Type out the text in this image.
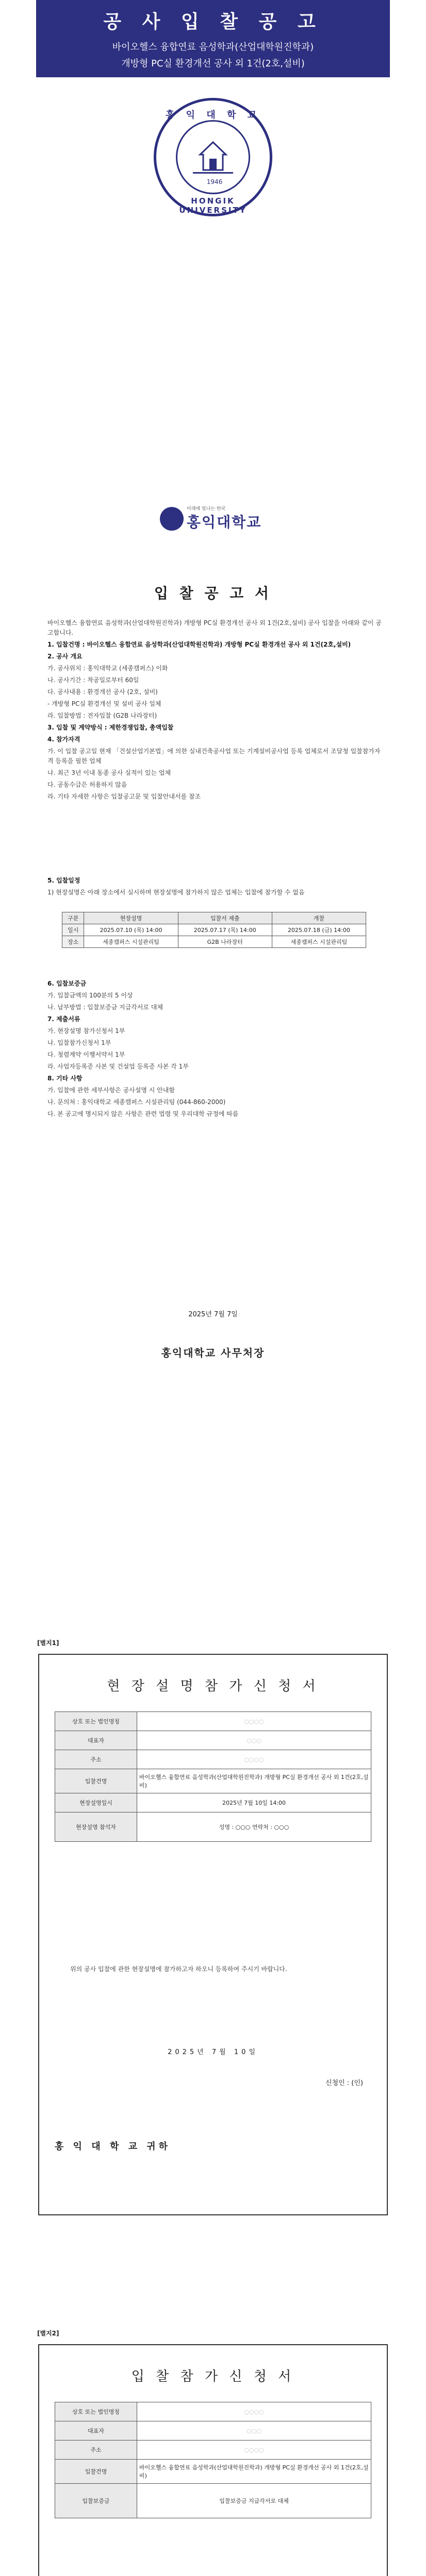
공 사 입 찰 공 고
바이오헬스 융합연료 음성학과(산업대학원진학과)
개방형 PC실 환경개선 공사 외 1건(2호,설비)
홍 익 대 학 교
1946
HONGIK UNIVERSITY
미래에 빛나는 한국
홍익대학교
입 찰 공 고 서

바이오헬스 융합연료 음성학과(산업대학원진학과) 개방형 PC실 환경개선 공사 외 1건(2호,설비) 공사 입찰을 아래와 같이 공고합니다.

1. 입찰건명 : 바이오헬스 융합연료 음성학과(산업대학원진학과) 개방형 PC실 환경개선 공사 외 1건(2호,설비)

2. 공사 개요

가. 공사위치 : 홍익대학교 (세종캠퍼스) 이화

나. 공사기간 : 착공일로부터 60일

다. 공사내용 : 환경개선 공사 (2호, 설비)

- 개방형 PC실 환경개선 및 설비 공사 일체

라. 입찰방법 : 전자입찰 (G2B 나라장터)

3. 입찰 및 계약방식 : 제한경쟁입찰, 총액입찰

4. 참가자격

가. 이 입찰 공고일 현재 「건설산업기본법」에 의한 실내건축공사업 또는 기계설비공사업 등록 업체로서 조달청 입찰참가자격 등록을 필한 업체

나. 최근 3년 이내 동종 공사 실적이 있는 업체

다. 공동수급은 허용하지 않음

라. 기타 자세한 사항은 입찰공고문 및 입찰안내서를 참조

5. 입찰일정

1) 현장설명은 아래 장소에서 실시하며 현장설명에 참가하지 않은 업체는 입찰에 참가할 수 없음

구분	현장설명	입찰서 제출	개찰
일시	2025.07.10 (목) 14:00	2025.07.17 (목) 14:00	2025.07.18 (금) 14:00
장소	세종캠퍼스 시설관리팀	G2B 나라장터	세종캠퍼스 시설관리팀

6. 입찰보증금

가. 입찰금액의 100분의 5 이상

나. 납부방법 : 입찰보증금 지급각서로 대체

7. 제출서류

가. 현장설명 참가신청서 1부

나. 입찰참가신청서 1부

다. 청렴계약 이행서약서 1부

라. 사업자등록증 사본 및 건설업 등록증 사본 각 1부

8. 기타 사항

가. 입찰에 관한 세부사항은 공사설명 시 안내함

나. 문의처 : 홍익대학교 세종캠퍼스 시설관리팀 (044-860-2000)

다. 본 공고에 명시되지 않은 사항은 관련 법령 및 우리대학 규정에 따름

2025년 7월 7일
홍익대학교 사무처장
[별지1]
현 장 설 명 참 가 신 청 서
상호 또는 법인명칭	○○○○
대표자	○○○
주소	○○○○
입찰건명	바이오헬스 융합연료 음성학과(산업대학원진학과) 개방형 PC실 환경개선 공사 외 1건(2호,설비)
현장설명일시	2025년 7월 10일 14:00
현장설명 참석자	성명 : ○○○ 연락처 : ○○○
위의 공사 입찰에 관한 현장설명에 참가하고자 하오니 등록하여 주시기 바랍니다.
2025년 7월 10일
신청인 : (인)
홍 익 대 학 교 귀하
[별지2]
입 찰 참 가 신 청 서
상호 또는 법인명칭	○○○○
대표자	○○○
주소	○○○○
입찰건명	바이오헬스 융합연료 음성학과(산업대학원진학과) 개방형 PC실 환경개선 공사 외 1건(2호,설비)
입찰보증금	입찰보증금 지급각서로 대체
